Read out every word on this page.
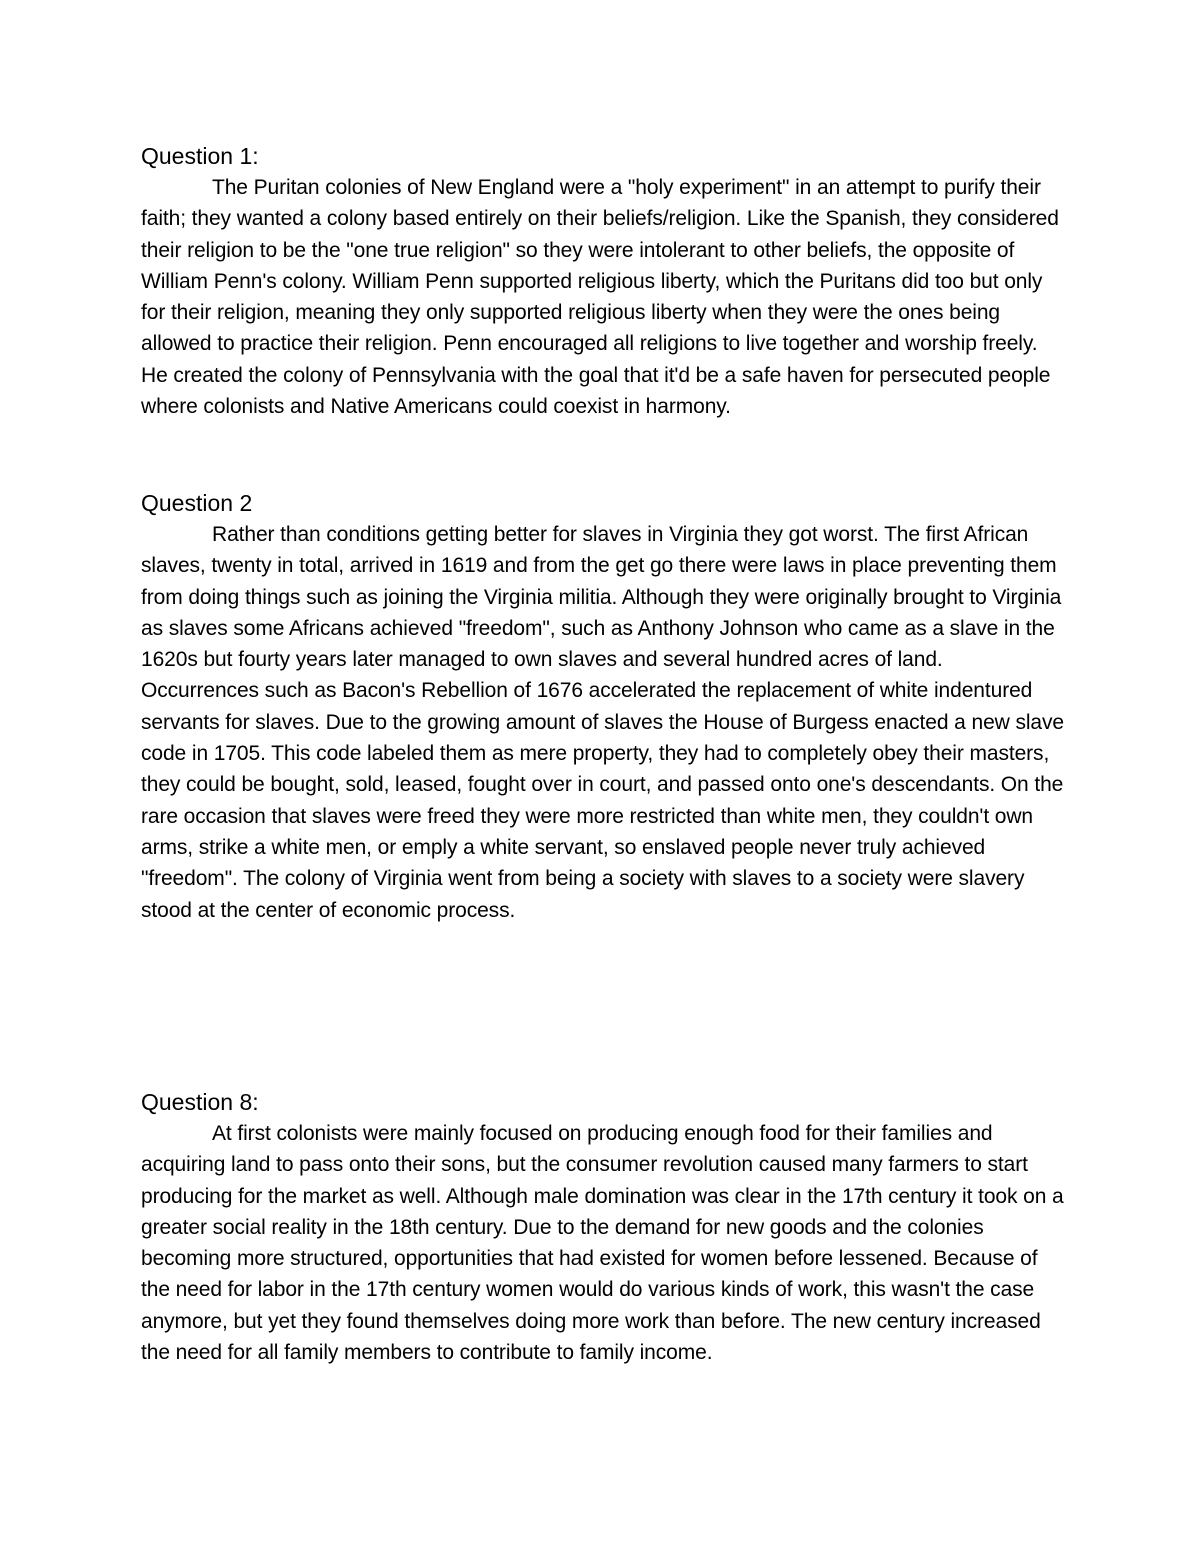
Question 1:

The Puritan colonies of New England were a "holy experiment" in an attempt to purify their faith; they wanted a colony based entirely on their beliefs/religion. Like the Spanish, they considered their religion to be the "one true religion" so they were intolerant to other beliefs, the opposite of William Penn's colony. William Penn supported religious liberty, which the Puritans did too but only for their religion, meaning they only supported religious liberty when they were the ones being allowed to practice their religion. Penn encouraged all religions to live together and worship freely. He created the colony of Pennsylvania with the goal that it'd be a safe haven for persecuted people where colonists and Native Americans could coexist in harmony.

Question 2

Rather than conditions getting better for slaves in Virginia they got worst. The first African slaves, twenty in total, arrived in 1619 and from the get go there were laws in place preventing them from doing things such as joining the Virginia militia. Although they were originally brought to Virginia as slaves some Africans achieved "freedom", such as Anthony Johnson who came as a slave in the 1620s but fourty years later managed to own slaves and several hundred acres of land. Occurrences such as Bacon's Rebellion of 1676 accelerated the replacement of white indentured servants for slaves. Due to the growing amount of slaves the House of Burgess enacted a new slave code in 1705. This code labeled them as mere property, they had to completely obey their masters, they could be bought, sold, leased, fought over in court, and passed onto one's descendants. On the rare occasion that slaves were freed they were more restricted than white men, they couldn't own arms, strike a white men, or emply a white servant, so enslaved people never truly achieved "freedom". The colony of Virginia went from being a society with slaves to a society were slavery stood at the center of economic process.

Question 8:

At first colonists were mainly focused on producing enough food for their families and acquiring land to pass onto their sons, but the consumer revolution caused many farmers to start producing for the market as well. Although male domination was clear in the 17th century it took on a greater social reality in the 18th century. Due to the demand for new goods and the colonies becoming more structured, opportunities that had existed for women before lessened. Because of the need for labor in the 17th century women would do various kinds of work, this wasn't the case anymore, but yet they found themselves doing more work than before. The new century increased the need for all family members to contribute to family income.
